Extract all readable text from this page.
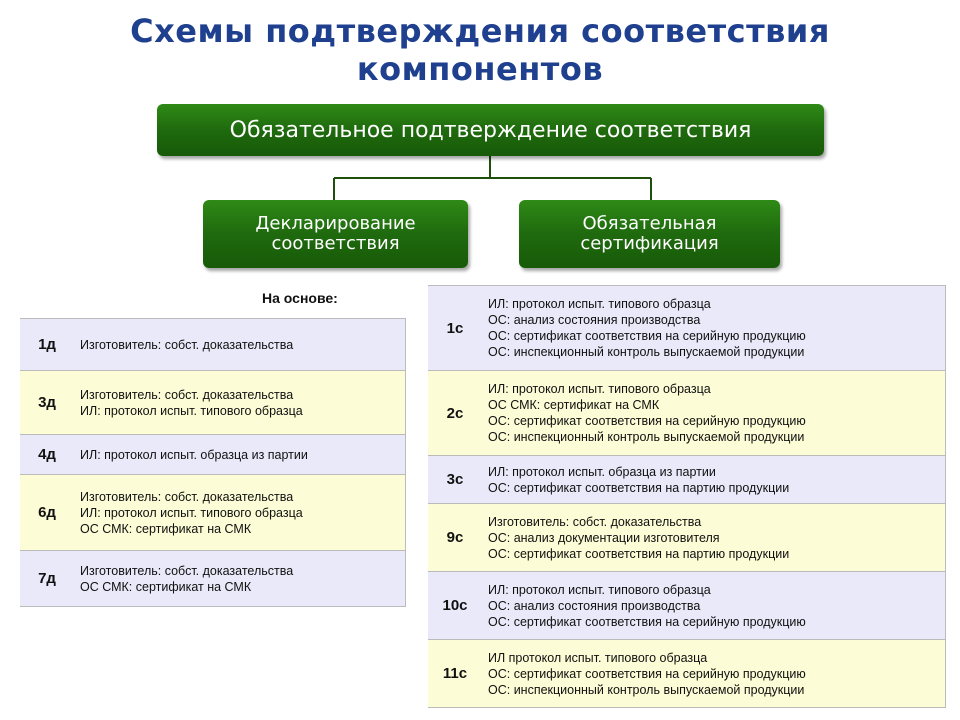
Схемы подтверждения соответствия
компонентов
Обязательное подтверждение соответствия
Декларирование
соответствия
Обязательная
сертификация
На основе:
1д	Изготовитель: собст. доказательства

3д	Изготовитель: собст. доказательства
ИЛ: протокол испыт. типового образца

4д	ИЛ: протокол испыт. образца из партии

6д	Изготовитель: собст. доказательства
ИЛ: протокол испыт. типового образца
ОС СМК: сертификат на СМК

7д	Изготовитель: собст. доказательства
ОС СМК: сертификат на СМК
1с	ИЛ: протокол испыт. типового образца
ОС: анализ состояния производства
ОС: сертификат соответствия на серийную продукцию
ОС: инспекционный контроль выпускаемой продукции

2с	ИЛ: протокол испыт. типового образца
ОС СМК: сертификат на СМК
ОС: сертификат соответствия на серийную продукцию
ОС: инспекционный контроль выпускаемой продукции

3с	ИЛ: протокол испыт. образца из партии
ОС: сертификат соответствия на партию продукции

9с	Изготовитель: собст. доказательства
ОС: анализ документации изготовителя
ОС: сертификат соответствия на партию продукции

10с	ИЛ: протокол испыт. типового образца
ОС: анализ состояния производства
ОС: сертификат соответствия на серийную продукцию

11с	ИЛ протокол испыт. типового образца
ОС: сертификат соответствия на серийную продукцию
ОС: инспекционный контроль выпускаемой продукции
